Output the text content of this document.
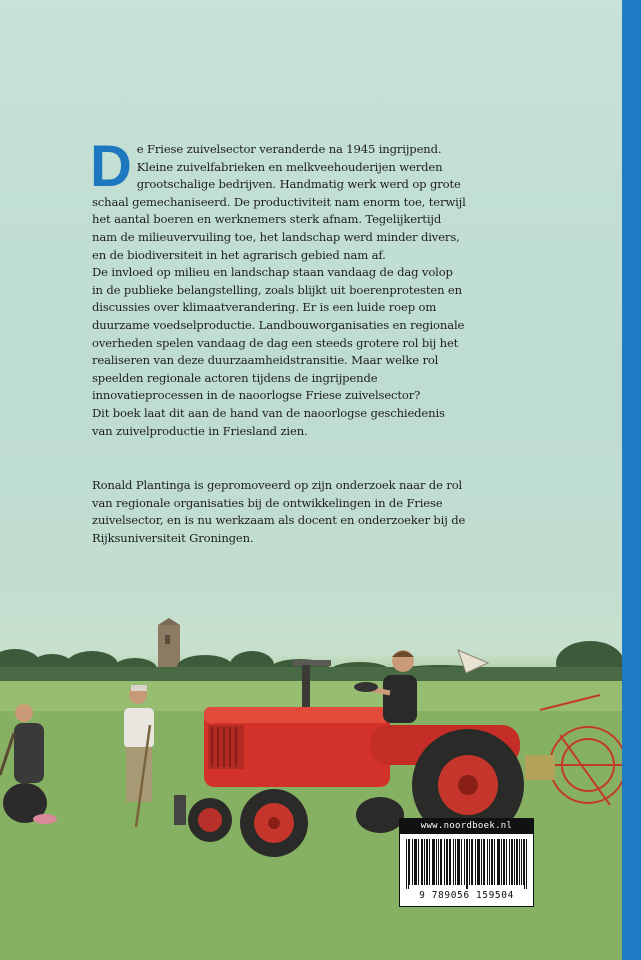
De Friese zuivelsector veranderde na 1945 ingrijpend. Kleine zuivelfabrieken en melkveehouderijen werden grootschalige bedrijven. Handmatig werk werd op grote schaal gemechaniseerd. De productiviteit nam enorm toe, terwijl het aantal boeren en werknemers sterk afnam. Tegelijkertijd nam de milieuvervuiling toe, het landschap werd minder divers, en de biodiversiteit in het agrarisch gebied nam af.

De invloed op milieu en landschap staan vandaag de dag volop in de publieke belangstelling, zoals blijkt uit boerenprotesten en discussies over klimaatverandering. Er is een luide roep om duurzame voedselproductie. Landbouworganisaties en regionale overheden spelen vandaag de dag een steeds grotere rol bij het realiseren van deze duurzaamheidstransitie. Maar welke rol speelden regionale actoren tijdens de ingrijpende innovatieprocessen in de naoorlogse Friese zuivelsector?

Dit boek laat dit aan de hand van de naoorlogse geschiedenis van zuivelproductie in Friesland zien.

Ronald Plantinga is gepromoveerd op zijn onderzoek naar de rol van regionale organisaties bij de ontwikkelingen in de Friese zuivelsector, en is nu werkzaam als docent en onderzoeker bij de Rijksuniversiteit Groningen.

www.noordboek.nl
9 789056 159504
